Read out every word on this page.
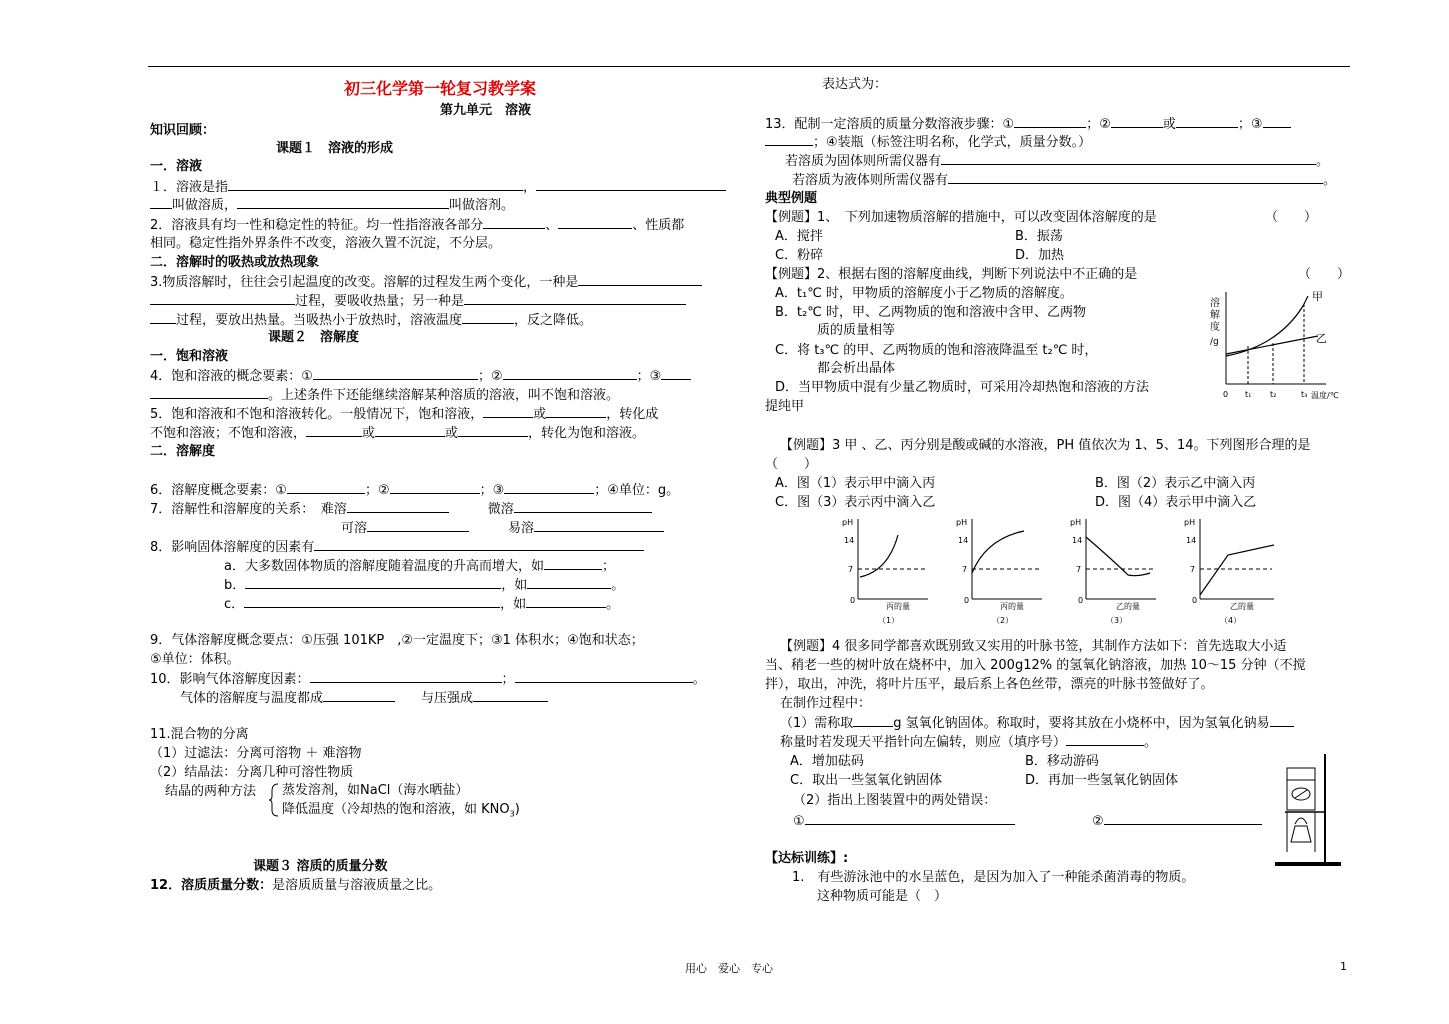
初三化学第一轮复习教学案
第九单元　溶液
知识回顾：
课题１　溶液的形成
一．溶液
１．溶液是指	，
叫做溶质，	叫做溶剂。
2．溶液具有均一性和稳定性的特征。均一性指溶液各部分	、	、性质都
相同。稳定性指外界条件不改变，溶液久置不沉淀，不分层。
二．溶解时的吸热或放热现象
3.物质溶解时，往往会引起温度的改变。溶解的过程发生两个变化，一种是
过程，要吸收热量；另一种是
过程，要放出热量。当吸热小于放热时，溶液温度	，反之降低。
课题２　溶解度
一．饱和溶液
4．饱和溶液的概念要素：①	；②	；③
。上述条件下还能继续溶解某种溶质的溶液，叫不饱和溶液。
5．饱和溶液和不饱和溶液转化。一般情况下，饱和溶液，	或	，转化成
不饱和溶液；不饱和溶液，	或	或	，转化为饱和溶液。
二．溶解度
6．溶解度概念要素：①	；②	；③	；④单位：g。
7．溶解性和溶解度的关系：　难溶　　　	微溶
可溶　　　	易溶
8．影响固体溶解度的因素有
a．大多数固体物质的溶解度随着温度的升高而增大，如	；
b．	，如	。
c．	，如	。
9．气体溶解度概念要点：①压强 101KP　,②一定温度下；③1 体积水；④饱和状态；
⑤单位：体积。
10．影响气体溶解度因素：	；	。
气体的溶解度与温度都成　　	与压强成
11.混合物的分离
（1）过滤法：分离可溶物 ＋ 难溶物
（2）结晶法：分离几种可溶性物质
结晶的两种方法 蒸发溶剂，如NaCl（海水晒盐）
降低温度（冷却热的饱和溶液，如 $KNO_3$)
课题３ 溶质的质量分数
12．溶质质量分数：是溶质质量与溶液质量之比。
表达式为：
13．配制一定溶质的质量分数溶液步骤：①	；②	或	；③
；④装瓶（标签注明名称，化学式，质量分数。）
若溶质为固体则所需仪器有	。
若溶质为液体则所需仪器有	。
典型例题
【例题】1、　下列加速物质溶解的措施中，可以改变固体溶解度的是	（　　）
A．搅拌	B．振荡
C．粉碎	D．加热
【例题】2、根据右图的溶解度曲线，判断下列说法中不正确的是	（　　）
A．t₁℃ 时，甲物质的溶解度小于乙物质的溶解度。
B．t₂℃ 时，甲、乙两物质的饱和溶液中含甲、乙两物
质的质量相等
C．将 t₃℃ 的甲、乙两物质的饱和溶液降温至 t₂℃ 时，
都会析出晶体
D．当甲物质中混有少量乙物质时，可采用冷却热饱和溶液的方法
提纯甲
溶
解
度
/g
甲
乙
0 t₁ t₂	t₃ 温度/℃
【例题】3 甲 、乙、丙分别是酸或碱的水溶液，PH 值依次为 1、5、14。下列图形合理的是
（　　）
A．图（1）表示甲中滴入丙	B．图（2）表示乙中滴入丙
C．图（3）表示丙中滴入乙	D．图（4）表示甲中滴入乙
pH
14
7
0
丙的量
（1）
pH
14
7
0
丙的量
（2）
pH
14
7
0
乙的量
（3）
pH
14
7
0
乙的量
（4）
【例题】4 很多同学都喜欢既别致又实用的叶脉书签，其制作方法如下：首先选取大小适
当、稍老一些的树叶放在烧杯中，加入 200g12% 的氢氧化钠溶液，加热 10～15 分钟（不搅
拌），取出，冲洗，将叶片压平，最后系上各色丝带，漂亮的叶脉书签做好了。
在制作过程中：
（1）需称取	g 氢氧化钠固体。称取时，要将其放在小烧杯中，因为氢氧化钠易
称量时若发现天平指针向左偏转，则应（填序号）	。
A．增加砝码	B．移动游码
C．取出一些氢氧化钠固体	D．再加一些氢氧化钠固体
（2）指出上图装置中的两处错误：
①	②
【达标训练】:
1.　有些游泳池中的水呈蓝色，是因为加入了一种能杀菌消毒的物质。
这种物质可能是（　）
用心　爱心　专心	1
